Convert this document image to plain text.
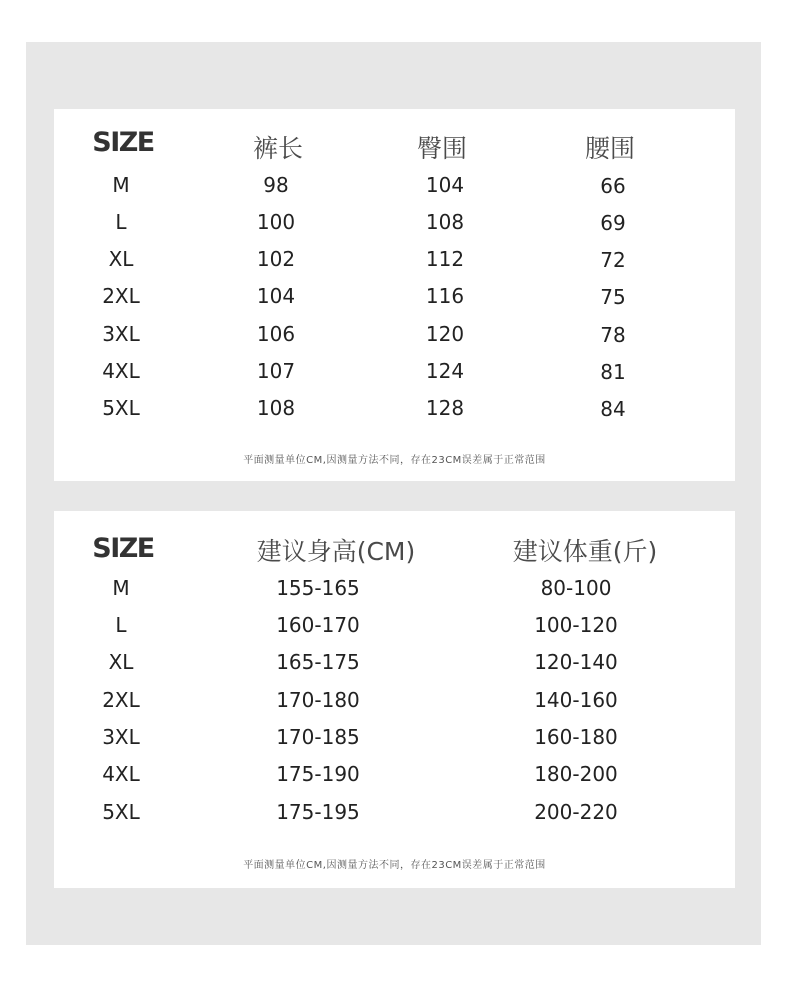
SIZE	裤长	臀围	腰围
M	98	104	66
L	100	108	69
XL	102	112	72
2XL	104	116	75
3XL	106	120	78
4XL	107	124	81
5XL	108	128	84
平面测量单位CM,因测量方法不同，存在23CM误差属于正常范围
SIZE	建议身高(CM)	建议体重(斤)
M	155-165	80-100
L	160-170	100-120
XL	165-175	120-140
2XL	170-180	140-160
3XL	170-185	160-180
4XL	175-190	180-200
5XL	175-195	200-220
平面测量单位CM,因测量方法不同，存在23CM误差属于正常范围
